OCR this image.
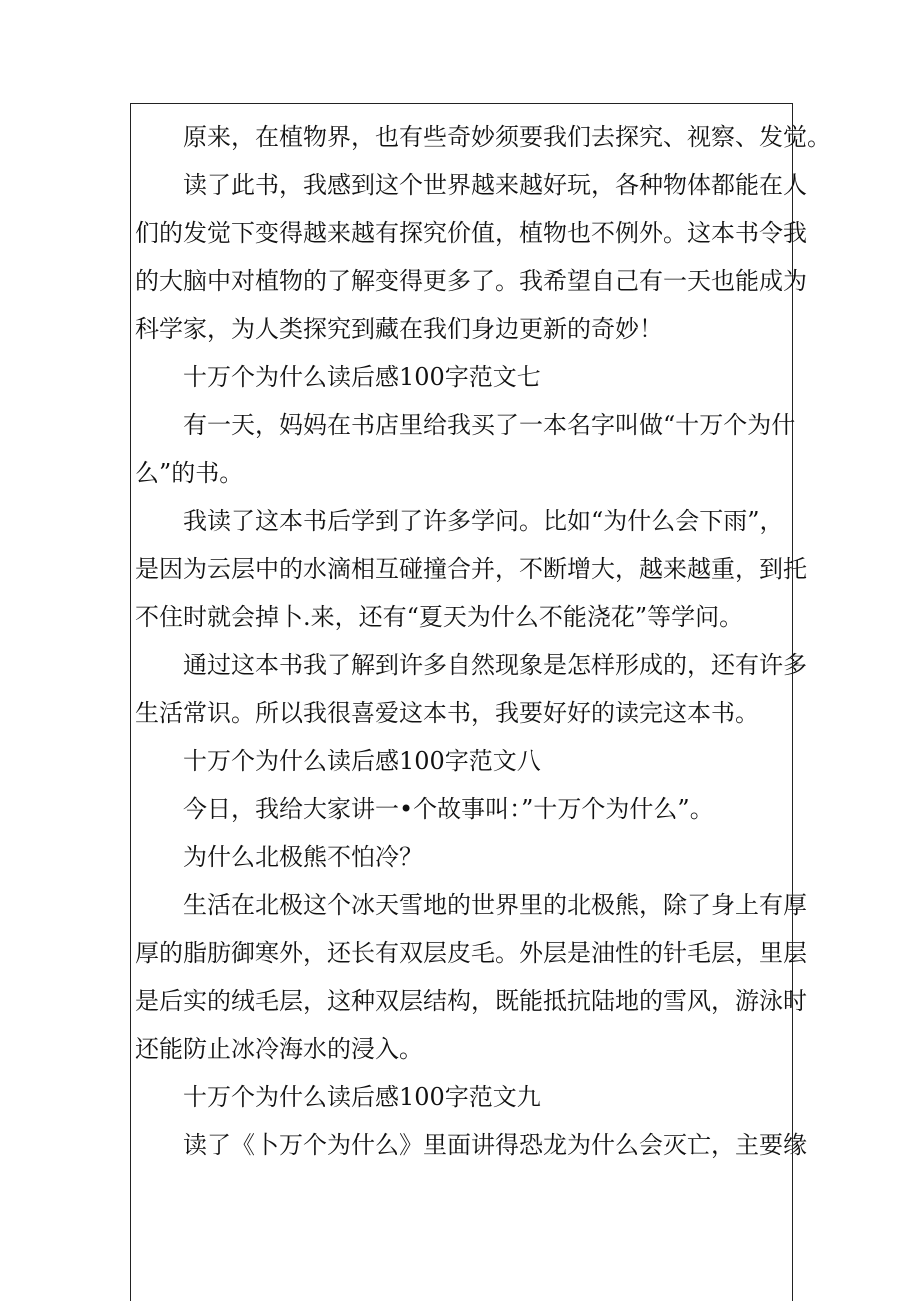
原来，在植物界，也有些奇妙须要我们去探究、视察、发觉。
读了此书，我感到这个世界越来越好玩，各种物体都能在人
们的发觉下变得越来越有探究价值，植物也不例外。这本书令我
的大脑中对植物的了解变得更多了。我希望自己有一天也能成为
科学家，为人类探究到藏在我们身边更新的奇妙！
十万个为什么读后感100字范文七
有一天，妈妈在书店里给我买了一本名字叫做“十万个为什
么”的书。
我读了这本书后学到了许多学问。比如“为什么会下雨”，
是因为云层中的水滴相互碰撞合并，不断增大，越来越重，到托
不住时就会掉卜.来，还有“夏天为什么不能浇花”等学问。
通过这本书我了解到许多自然现象是怎样形成的，还有许多
生活常识。所以我很喜爱这本书，我要好好的读完这本书。
十万个为什么读后感100字范文八
今日，我给大家讲一•个故事叫：”十万个为什么”。
为什么北极熊不怕冷？
生活在北极这个冰天雪地的世界里的北极熊，除了身上有厚
厚的脂肪御寒外，还长有双层皮毛。外层是油性的针毛层，里层
是后实的绒毛层，这种双层结构，既能抵抗陆地的雪风，游泳时
还能防止冰冷海水的浸入。
十万个为什么读后感100字范文九
读了《卜万个为什么》里面讲得恐龙为什么会灭亡，主要缘
